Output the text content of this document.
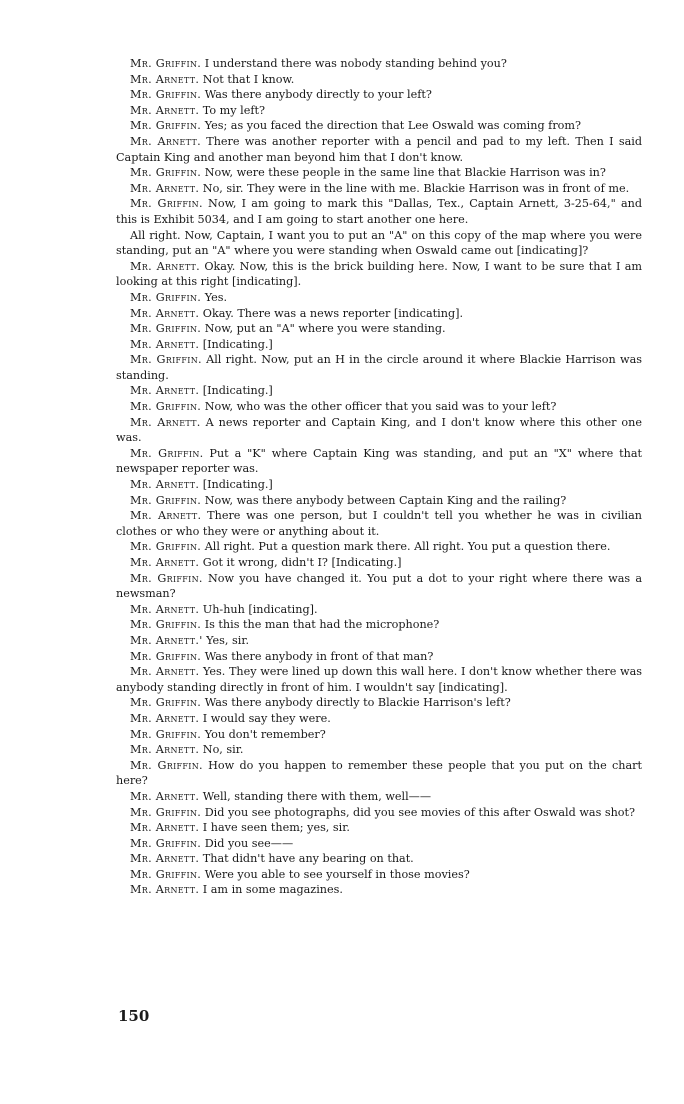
Mr. Griffin. I understand there was nobody standing behind you?

Mr. Arnett. Not that I know.

Mr. Griffin. Was there anybody directly to your left?

Mr. Arnett. To my left?

Mr. Griffin. Yes; as you faced the direction that Lee Oswald was coming from?

Mr. Arnett. There was another reporter with a pencil and pad to my left. Then I said Captain King and another man beyond him that I don't know.

Mr. Griffin. Now, were these people in the same line that Blackie Harrison was in?

Mr. Arnett. No, sir. They were in the line with me. Blackie Harrison was in front of me.

Mr. Griffin. Now, I am going to mark this "Dallas, Tex., Captain Arnett, 3-25-64," and this is Exhibit 5034, and I am going to start another one here.

All right. Now, Captain, I want you to put an "A" on this copy of the map where you were standing, put an "A" where you were standing when Oswald came out [indicating]?

Mr. Arnett. Okay. Now, this is the brick building here. Now, I want to be sure that I am looking at this right [indicating].

Mr. Griffin. Yes.

Mr. Arnett. Okay. There was a news reporter [indicating].

Mr. Griffin. Now, put an "A" where you were standing.

Mr. Arnett. [Indicating.]

Mr. Griffin. All right. Now, put an H in the circle around it where Blackie Harrison was standing.

Mr. Arnett. [Indicating.]

Mr. Griffin. Now, who was the other officer that you said was to your left?

Mr. Arnett. A news reporter and Captain King, and I don't know where this other one was.

Mr. Griffin. Put a "K" where Captain King was standing, and put an "X" where that newspaper reporter was.

Mr. Arnett. [Indicating.]

Mr. Griffin. Now, was there anybody between Captain King and the railing?

Mr. Arnett. There was one person, but I couldn't tell you whether he was in civilian clothes or who they were or anything about it.

Mr. Griffin. All right. Put a question mark there. All right. You put a question there.

Mr. Arnett. Got it wrong, didn't I? [Indicating.]

Mr. Griffin. Now you have changed it. You put a dot to your right where there was a newsman?

Mr. Arnett. Uh-huh [indicating].

Mr. Griffin. Is this the man that had the microphone?

Mr. Arnett.' Yes, sir.

Mr. Griffin. Was there anybody in front of that man?

Mr. Arnett. Yes. They were lined up down this wall here. I don't know whether there was anybody standing directly in front of him. I wouldn't say [indicating].

Mr. Griffin. Was there anybody directly to Blackie Harrison's left?

Mr. Arnett. I would say they were.

Mr. Griffin. You don't remember?

Mr. Arnett. No, sir.

Mr. Griffin. How do you happen to remember these people that you put on the chart here?

Mr. Arnett. Well, standing there with them, well——

Mr. Griffin. Did you see photographs, did you see movies of this after Oswald was shot?

Mr. Arnett. I have seen them; yes, sir.

Mr. Griffin. Did you see——

Mr. Arnett. That didn't have any bearing on that.

Mr. Griffin. Were you able to see yourself in those movies?

Mr. Arnett. I am in some magazines.

150
